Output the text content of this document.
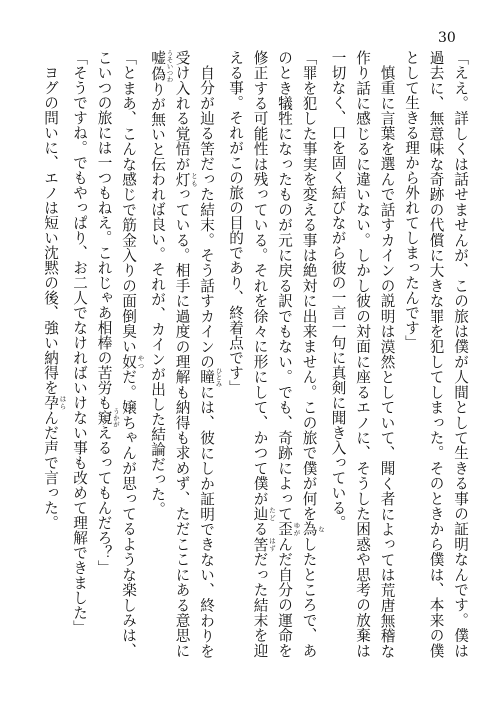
30

「ええ。詳しくは話せませんが、この旅は僕が人間として生きる事の証明なんです。僕は過去に、無意味な奇跡の代償に大きな罪を犯してしまった。そのときから僕は、本来の僕として生きる理から外れてしまったんです」

慎重に言葉を選んで話すカインの説明は漠然としていて、聞く者によっては荒唐無稽な作り話に感じるに違いない。しかし彼の対面に座るエノに、そうした困惑や思考の放棄は一切なく、口を固く結びながら彼の一言一句に真剣に聞き入っている。

「罪を犯した事実を変える事は絶対に出来ません。この旅で僕が何を為 なしたところで、あのとき犠牲になったものが元に戻る訳でもない。でも、奇跡によって歪 ゆがんだ自分の運命を修正する可能性は残っている。それを徐々に形にして、かつて僕が辿 たどる筈 はずだった結末を迎える事。それがこの旅の目的であり、終着点です」

自分が辿る筈だった結末。そう話すカインの瞳 ひとみには、彼にしか証明できない、終わりを受け入れる覚悟が灯 ともっている。相手に過度の理解も納得も求めず、ただここにある意思に嘘偽 うそいつわりが無いと伝われば良い。それが、カインが出した結論だった。

「とまあ、こんな感じで筋金入りの面倒臭い奴 やつだ。嬢ちゃんが思ってるような楽しみは、こいつの旅には一つもねえ。これじゃあ相棒の苦労も窺 うかがえるってもんだろ？」

「そうですね。でもやっぱり、お二人でなければいけない事も改めて理解できました」

ヨグの問いに、エノは短い沈黙の後、強い納得を孕 はらんだ声で言った。
